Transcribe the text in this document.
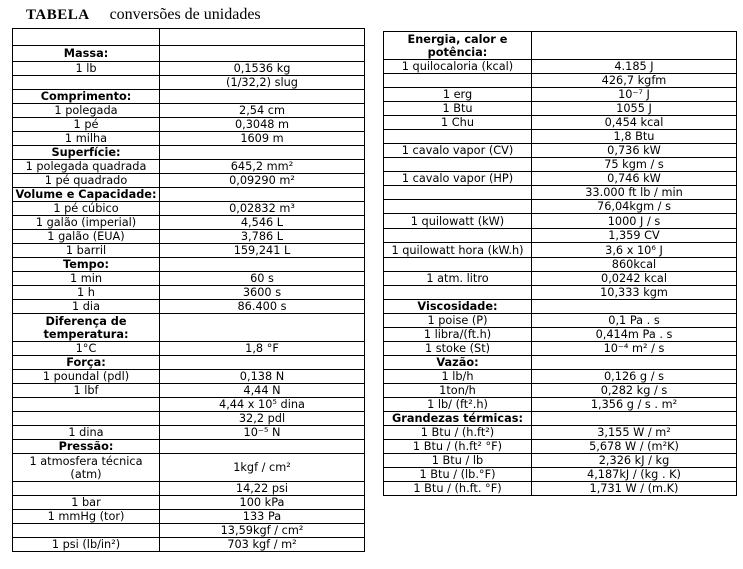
TABELA conversões de unidades

Massa:	
1 lb	0,1536 kg
	(1/32,2) slug
Comprimento:	
1 polegada	2,54 cm
1 pé	0,3048 m
1 milha	1609 m
Superfície:	
1 polegada quadrada	645,2 mm²
1 pé quadrado	0,09290 m²
Volume e Capacidade:	
1 pé cúbico	0,02832 m³
1 galão (imperial)	4,546 L
1 galão (EUA)	3,786 L
1 barril	159,241 L
Tempo:	
1 min	60 s
1 h	3600 s
1 dia	86.400 s
Diferença de temperatura:	
1°C	1,8 °F
Força:	
1 poundal (pdl)	0,138 N
1 lbf	4,44 N
	4,44 x 10⁵ dina
	32,2 pdl
1 dina	10⁻⁵ N
Pressão:	
1 atmosfera técnica (atm)	1kgf / cm²
	14,22 psi
1 bar	100 kPa
1 mmHg (tor)	133 Pa
	13,59kgf / cm²
1 psi (lb/in²)	703 kgf / m²
Energia, calor e potência:	
1 quilocaloria (kcal)	4.185 J
	426,7 kgfm
1 erg	10⁻⁷ J
1 Btu	1055 J
1 Chu	0,454 kcal
	1,8 Btu
1 cavalo vapor (CV)	0,736 kW
	75 kgm / s
1 cavalo vapor (HP)	0,746 kW
	33.000 ft lb / min
	76,04kgm / s
1 quilowatt (kW)	1000 J / s
	1,359 CV
1 quilowatt hora (kW.h)	3,6 x 10⁶ J
	860kcal
1 atm. litro	0,0242 kcal
	10,333 kgm
Viscosidade:	
1 poise (P)	0,1 Pa . s
1 libra/(ft.h)	0,414m Pa . s
1 stoke (St)	10⁻⁴ m² / s
Vazão:	
1 lb/h	0,126 g / s
1ton/h	0,282 kg / s
1 lb/ (ft².h)	1,356 g / s . m²
Grandezas térmicas:	
1 Btu / (h.ft²)	3,155 W / m²
1 Btu / (h.ft² °F)	5,678 W / (m²K)
1 Btu / lb	2,326 kJ / kg
1 Btu / (lb.°F)	4,187kJ / (kg . K)
1 Btu / (h.ft. °F)	1,731 W / (m.K)
